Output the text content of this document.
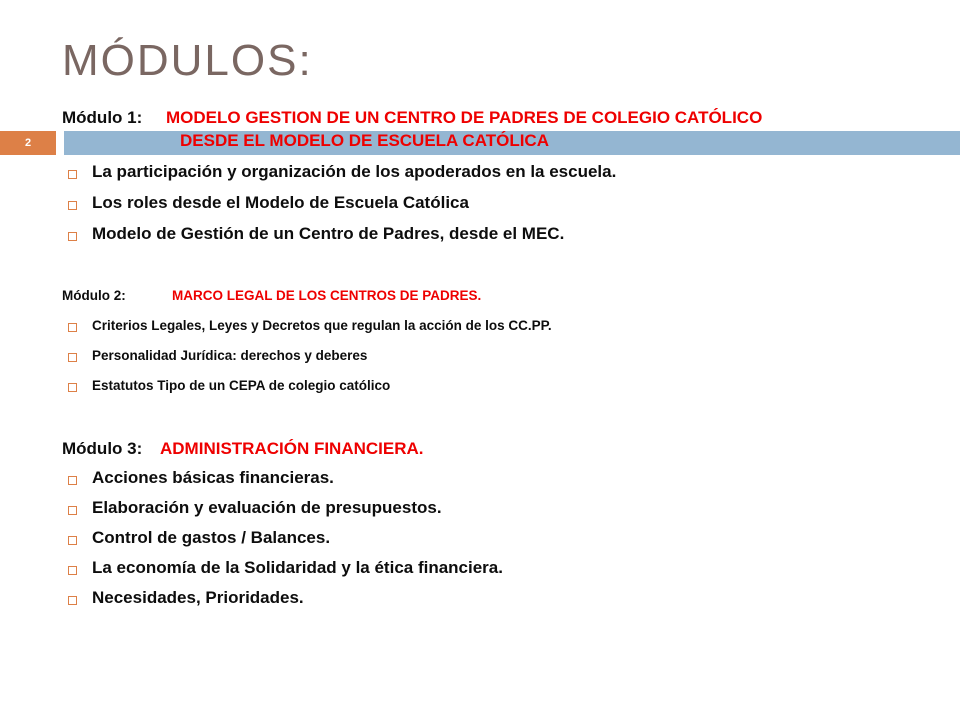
MÓDULOS:
2
Módulo 1: MODELO GESTION DE UN CENTRO DE PADRES DE COLEGIO CATÓLICO
DESDE EL MODELO DE ESCUELA CATÓLICA
La participación y organización de los apoderados en la escuela.
Los roles desde el Modelo de Escuela Católica
Modelo de Gestión de un Centro de Padres, desde el MEC.
Módulo 2:	MARCO LEGAL DE LOS CENTROS DE PADRES.
Criterios Legales, Leyes y Decretos que regulan la acción de los CC.PP.
Personalidad Jurídica: derechos y deberes
Estatutos Tipo de un CEPA de colegio católico
Módulo 3: ADMINISTRACIÓN FINANCIERA.
Acciones básicas financieras.
Elaboración y evaluación de presupuestos.
Control de gastos / Balances.
La economía de la Solidaridad y la ética financiera.
Necesidades, Prioridades.
